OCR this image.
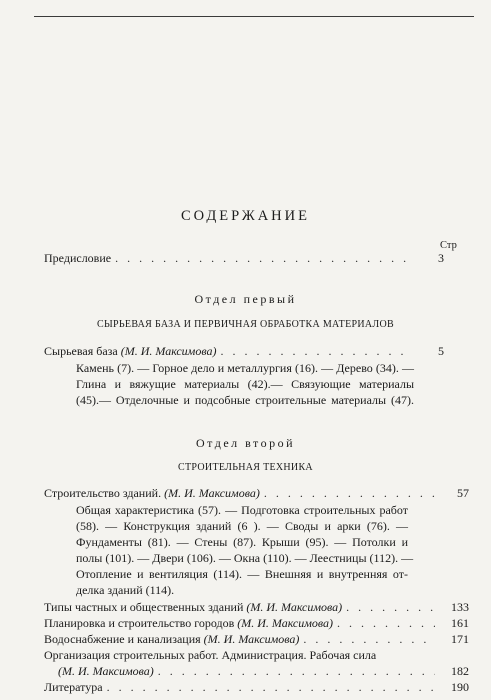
СОДЕРЖАНИЕ
Стр
Предисловие . . .	3
Отдел первый
СЫРЬЕВАЯ БАЗА И ПЕРВИЧНАЯ ОБРАБОТКА МАТЕРИАЛОВ
Сырьевая база (М. И. Максимова) . . .	5
Камень (7). — Горное дело и металлургия (16). — Дерево (34). —
Глина и вяжущие материалы (42).— Связующие материалы
(45).— Отделочные и подсобные строительные материалы (47).
Отдел второй
СТРОИТЕЛЬНАЯ ТЕХНИКА
Строительство зданий. (М. И. Максимова) . . .	57
Общая характеристика (57). — Подготовка строительных работ
(58). — Конструкция зданий (6 ). — Своды и арки (76). —
Фундаменты (81). — Стены (87). Крыши (95). — Потолки и
полы (101). — Двери (106). — Окна (110). — Леестницы (112). —
Отопление и вентиляция (114). — Внешняя и внутренняя от-
делка зданий (114).
Типы частных и общественных зданий (М. И. Максимова) . . .	133
Планировка и строительство городов (М. И. Максимова) . . .	161
Водоснабжение и канализация (М. И. Максимова) . . .	171
Организация строительных работ. Администрация. Рабочая сила
(М. И. Максимова) . . .	182
Литература . . .	190
